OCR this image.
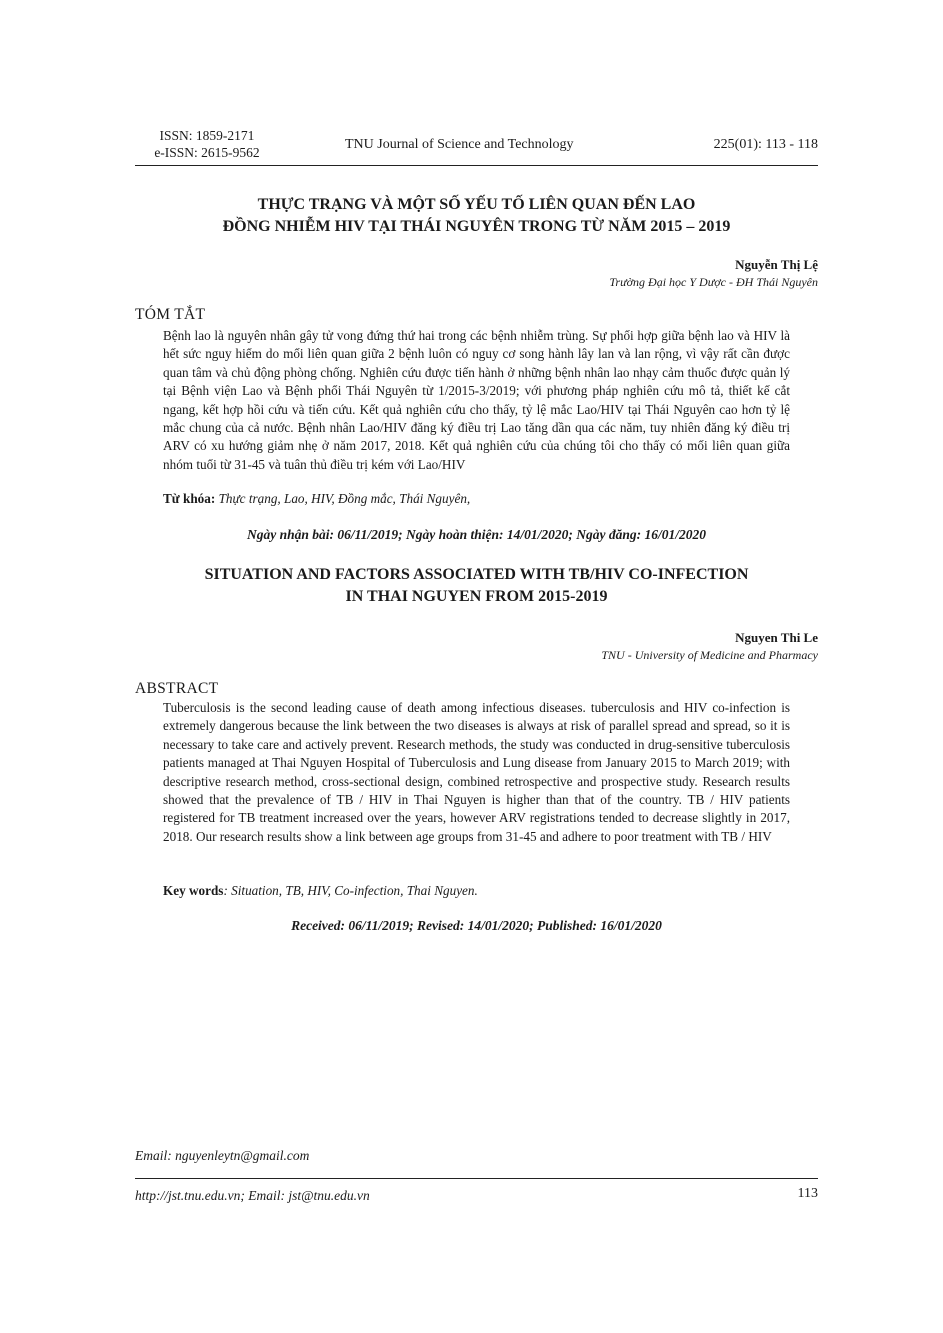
ISSN: 1859-2171
e-ISSN: 2615-9562
TNU Journal of Science and Technology	225(01): 113 - 118
THỰC TRẠNG VÀ MỘT SỐ YẾU TỐ LIÊN QUAN ĐẾN LAO
ĐỒNG NHIỄM HIV TẠI THÁI NGUYÊN TRONG TỪ NĂM 2015 – 2019
Nguyễn Thị Lệ
Trường Đại học Y Dược - ĐH Thái Nguyên
TÓM TẮT
Bệnh lao là nguyên nhân gây tử vong đứng thứ hai trong các bệnh nhiễm trùng. Sự phối hợp giữa bệnh lao và HIV là hết sức nguy hiểm do mối liên quan giữa 2 bệnh luôn có nguy cơ song hành lây lan và lan rộng, vì vậy rất cần được quan tâm và chủ động phòng chống. Nghiên cứu được tiến hành ở những bệnh nhân lao nhạy cảm thuốc được quản lý tại Bệnh viện Lao và Bệnh phổi Thái Nguyên từ 1/2015-3/2019; với phương pháp nghiên cứu mô tả, thiết kế cắt ngang, kết hợp hồi cứu và tiến cứu. Kết quả nghiên cứu cho thấy, tỷ lệ mắc Lao/HIV tại Thái Nguyên cao hơn tỷ lệ mắc chung của cả nước. Bệnh nhân Lao/HIV đăng ký điều trị Lao tăng dần qua các năm, tuy nhiên đăng ký điều trị ARV có xu hướng giảm nhẹ ở năm 2017, 2018. Kết quả nghiên cứu của chúng tôi cho thấy có mối liên quan giữa nhóm tuổi từ 31-45 và tuân thủ điều trị kém với Lao/HIV
Từ khóa: Thực trạng, Lao, HIV, Đồng mắc, Thái Nguyên,
Ngày nhận bài: 06/11/2019; Ngày hoàn thiện: 14/01/2020; Ngày đăng: 16/01/2020
SITUATION AND FACTORS ASSOCIATED WITH TB/HIV CO-INFECTION
IN THAI NGUYEN FROM 2015-2019
Nguyen Thi Le
TNU - University of Medicine and Pharmacy
ABSTRACT
Tuberculosis is the second leading cause of death among infectious diseases. tuberculosis and HIV co-infection is extremely dangerous because the link between the two diseases is always at risk of parallel spread and spread, so it is necessary to take care and actively prevent. Research methods, the study was conducted in drug-sensitive tuberculosis patients managed at Thai Nguyen Hospital of Tuberculosis and Lung disease from January 2015 to March 2019; with descriptive research method, cross-sectional design, combined retrospective and prospective study. Research results showed that the prevalence of TB / HIV in Thai Nguyen is higher than that of the country. TB / HIV patients registered for TB treatment increased over the years, however ARV registrations tended to decrease slightly in 2017, 2018. Our research results show a link between age groups from 31-45 and adhere to poor treatment with TB / HIV
Key words: Situation, TB, HIV, Co-infection, Thai Nguyen.
Received: 06/11/2019; Revised: 14/01/2020; Published: 16/01/2020
Email: nguyenleytn@gmail.com
http://jst.tnu.edu.vn; Email: jst@tnu.edu.vn	113
